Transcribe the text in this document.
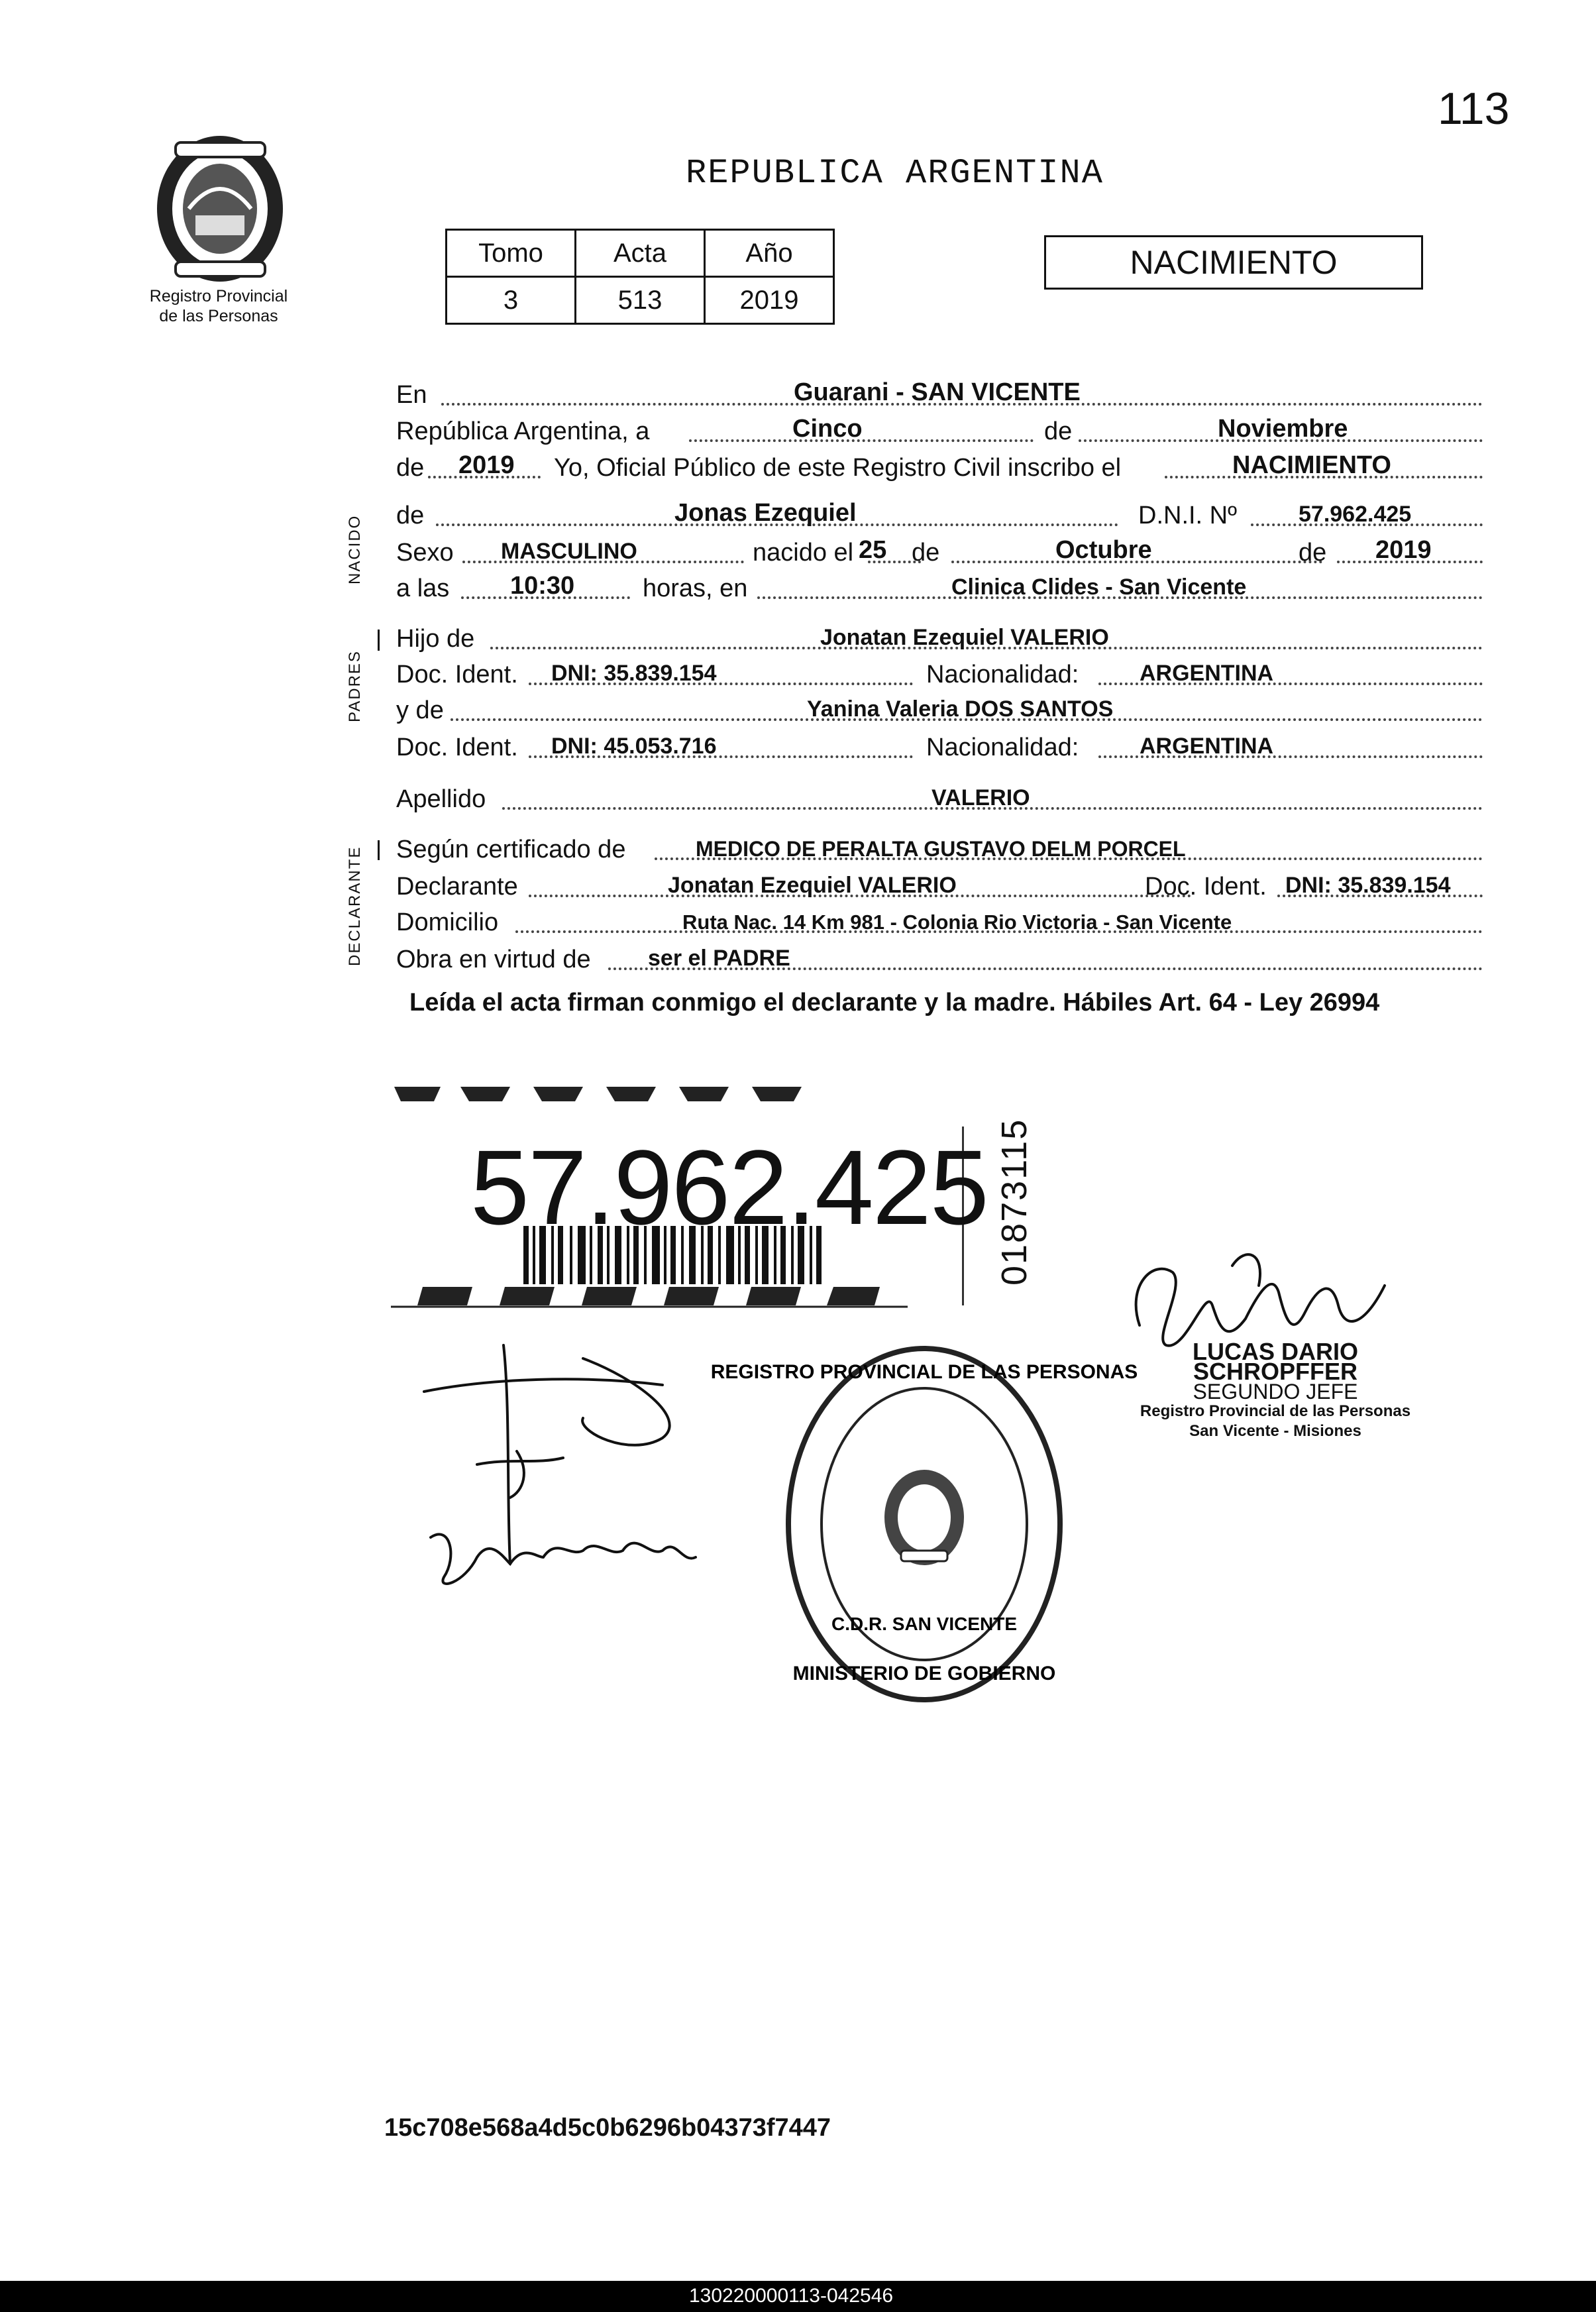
113
Registro Provincial
de las Personas
REPUBLICA ARGENTINA
Tomo	Acta	Año
3	513	2019
NACIMIENTO
NACIDO
PADRES
DECLARANTE
En	Guarani - SAN VICENTE
República Argentina, a	Cinco	de	Noviembre
de 2019 Yo, Oficial Público de este Registro Civil inscribo el	NACIMIENTO
de	Jonas Ezequiel	D.N.I. Nº	57.962.425
Sexo MASCULINO	nacido el 25 de	Octubre	de 2019
a las 10:30	horas, en	Clinica Clides - San Vicente
Hijo de	Jonatan Ezequiel VALERIO
Doc. Ident. DNI: 35.839.154	Nacionalidad:	ARGENTINA
y de	Yanina Valeria DOS SANTOS
Doc. Ident. DNI: 45.053.716	Nacionalidad:	ARGENTINA
Apellido	VALERIO
Según certificado de	MEDICO DE PERALTA GUSTAVO DELM PORCEL
Declarante	Jonatan Ezequiel VALERIO	Doc. Ident. DNI: 35.839.154
Domicilio	Ruta Nac. 14 Km 981 - Colonia Rio Victoria - San Vicente
Obra en virtud de	ser el PADRE
Leída el acta firman conmigo el declarante y la madre. Hábiles Art. 64 - Ley 26994
57.962.425 01873115
REGISTRO PROVINCIAL DE LAS PERSONAS
MINISTERIO DE GOBIERNO
C.D.R. SAN VICENTE
LUCAS DARIO SCHROPFFER
SEGUNDO JEFE
Registro Provincial de las Personas
San Vicente - Misiones
15c708e568a4d5c0b6296b04373f7447
130220000113-042546
